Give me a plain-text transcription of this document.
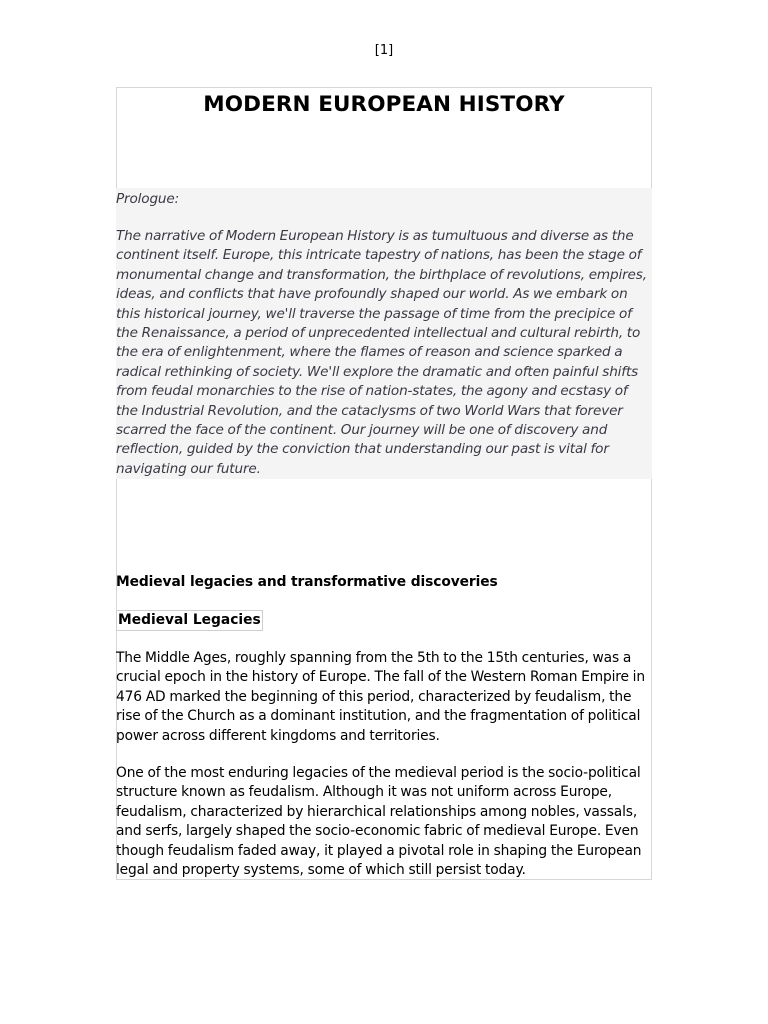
[1]
MODERN EUROPEAN HISTORY

Prologue:

The narrative of Modern European History is as tumultuous and diverse as the continent itself. Europe, this intricate tapestry of nations, has been the stage of monumental change and transformation, the birthplace of revolutions, empires, ideas, and conflicts that have profoundly shaped our world. As we embark on this historical journey, we'll traverse the passage of time from the precipice of the Renaissance, a period of unprecedented intellectual and cultural rebirth, to the era of enlightenment, where the flames of reason and science sparked a radical rethinking of society. We'll explore the dramatic and often painful shifts from feudal monarchies to the rise of nation-states, the agony and ecstasy of the Industrial Revolution, and the cataclysms of two World Wars that forever scarred the face of the continent. Our journey will be one of discovery and reflection, guided by the conviction that understanding our past is vital for navigating our future.

Medieval legacies and transformative discoveries
Medieval Legacies

The Middle Ages, roughly spanning from the 5th to the 15th centuries, was a crucial epoch in the history of Europe. The fall of the Western Roman Empire in 476 AD marked the beginning of this period, characterized by feudalism, the rise of the Church as a dominant institution, and the fragmentation of political power across different kingdoms and territories.

One of the most enduring legacies of the medieval period is the socio-political structure known as feudalism. Although it was not uniform across Europe, feudalism, characterized by hierarchical relationships among nobles, vassals, and serfs, largely shaped the socio-economic fabric of medieval Europe. Even though feudalism faded away, it played a pivotal role in shaping the European legal and property systems, some of which still persist today.
